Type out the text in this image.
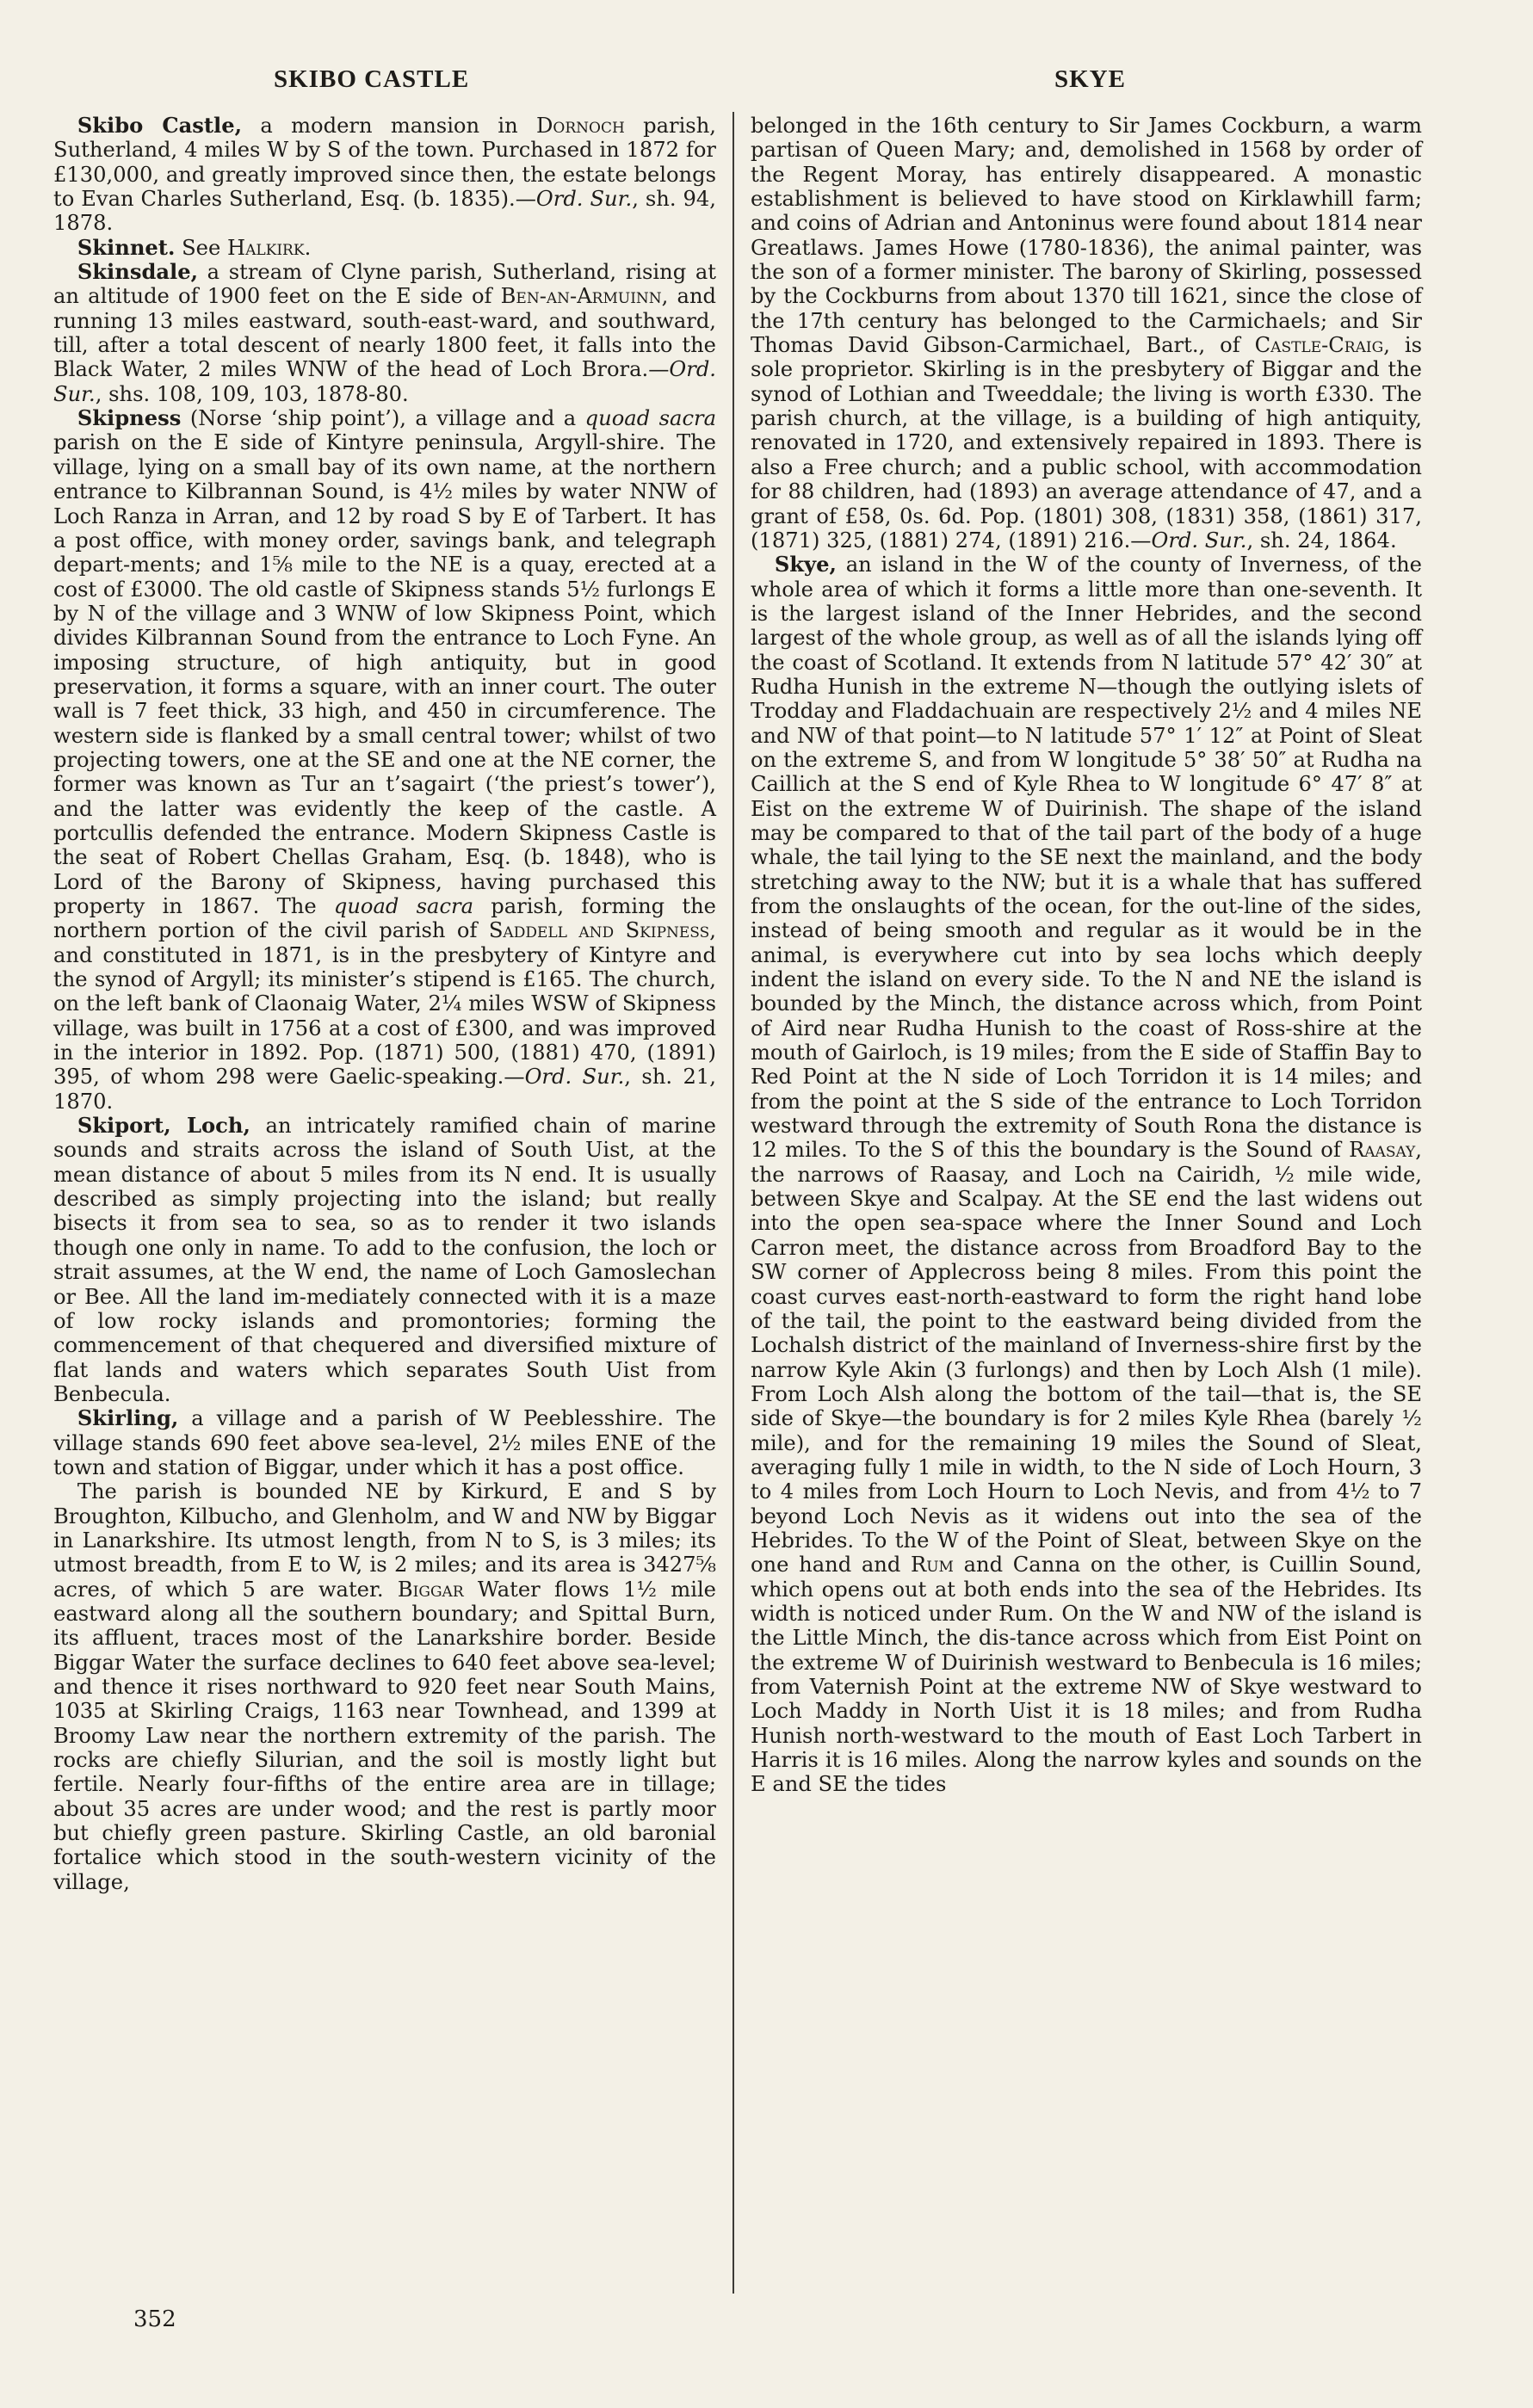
SKIBO CASTLE	SKYE

Skibo Castle, a modern mansion in Dornoch parish, Sutherland, 4 miles W by S of the town. Purchased in 1872 for £130,000, and greatly improved since then, the estate belongs to Evan Charles Sutherland, Esq. (b. 1835).—Ord. Sur., sh. 94, 1878.

Skinnet. See Halkirk.

Skinsdale, a stream of Clyne parish, Sutherland, rising at an altitude of 1900 feet on the E side of Ben-an-Armuinn, and running 13 miles eastward, south-east-ward, and southward, till, after a total descent of nearly 1800 feet, it falls into the Black Water, 2 miles WNW of the head of Loch Brora.—Ord. Sur., shs. 108, 109, 103, 1878-80.

Skipness (Norse ‘ship point’), a village and a quoad sacra parish on the E side of Kintyre peninsula, Argyll-shire. The village, lying on a small bay of its own name, at the northern entrance to Kilbrannan Sound, is 4½ miles by water NNW of Loch Ranza in Arran, and 12 by road S by E of Tarbert. It has a post office, with money order, savings bank, and telegraph depart-ments; and 1⅝ mile to the NE is a quay, erected at a cost of £3000. The old castle of Skipness stands 5½ furlongs E by N of the village and 3 WNW of low Skipness Point, which divides Kilbrannan Sound from the entrance to Loch Fyne. An imposing structure, of high antiquity, but in good preservation, it forms a square, with an inner court. The outer wall is 7 feet thick, 33 high, and 450 in circumference. The western side is flanked by a small central tower; whilst of two projecting towers, one at the SE and one at the NE corner, the former was known as Tur an t’sagairt (‘the priest’s tower’), and the latter was evidently the keep of the castle. A portcullis defended the entrance. Modern Skipness Castle is the seat of Robert Chellas Graham, Esq. (b. 1848), who is Lord of the Barony of Skipness, having purchased this property in 1867. The quoad sacra parish, forming the northern portion of the civil parish of Saddell and Skipness, and constituted in 1871, is in the presbytery of Kintyre and the synod of Argyll; its minister’s stipend is £165. The church, on the left bank of Claonaig Water, 2¼ miles WSW of Skipness village, was built in 1756 at a cost of £300, and was improved in the interior in 1892. Pop. (1871) 500, (1881) 470, (1891) 395, of whom 298 were Gaelic-speaking.—Ord. Sur., sh. 21, 1870.

Skiport, Loch, an intricately ramified chain of marine sounds and straits across the island of South Uist, at the mean distance of about 5 miles from its N end. It is usually described as simply projecting into the island; but really bisects it from sea to sea, so as to render it two islands though one only in name. To add to the confusion, the loch or strait assumes, at the W end, the name of Loch Gamoslechan or Bee. All the land im-mediately connected with it is a maze of low rocky islands and promontories; forming the commencement of that chequered and diversified mixture of flat lands and waters which separates South Uist from Benbecula.

Skirling, a village and a parish of W Peeblesshire. The village stands 690 feet above sea-level, 2½ miles ENE of the town and station of Biggar, under which it has a post office.

The parish is bounded NE by Kirkurd, E and S by Broughton, Kilbucho, and Glenholm, and W and NW by Biggar in Lanarkshire. Its utmost length, from N to S, is 3 miles; its utmost breadth, from E to W, is 2 miles; and its area is 3427⅝ acres, of which 5 are water. Biggar Water flows 1½ mile eastward along all the southern boundary; and Spittal Burn, its affluent, traces most of the Lanarkshire border. Beside Biggar Water the surface declines to 640 feet above sea-level; and thence it rises northward to 920 feet near South Mains, 1035 at Skirling Craigs, 1163 near Townhead, and 1399 at Broomy Law near the northern extremity of the parish. The rocks are chiefly Silurian, and the soil is mostly light but fertile. Nearly four-fifths of the entire area are in tillage; about 35 acres are under wood; and the rest is partly moor but chiefly green pasture. Skirling Castle, an old baronial fortalice which stood in the south-western vicinity of the village,

belonged in the 16th century to Sir James Cockburn, a warm partisan of Queen Mary; and, demolished in 1568 by order of the Regent Moray, has entirely disappeared. A monastic establishment is believed to have stood on Kirklawhill farm; and coins of Adrian and Antoninus were found about 1814 near Greatlaws. James Howe (1780-1836), the animal painter, was the son of a former minister. The barony of Skirling, possessed by the Cockburns from about 1370 till 1621, since the close of the 17th century has belonged to the Carmichaels; and Sir Thomas David Gibson-Carmichael, Bart., of Castle-Craig, is sole proprietor. Skirling is in the presbytery of Biggar and the synod of Lothian and Tweeddale; the living is worth £330. The parish church, at the village, is a building of high antiquity, renovated in 1720, and extensively repaired in 1893. There is also a Free church; and a public school, with accommodation for 88 children, had (1893) an average attendance of 47, and a grant of £58, 0s. 6d. Pop. (1801) 308, (1831) 358, (1861) 317, (1871) 325, (1881) 274, (1891) 216.—Ord. Sur., sh. 24, 1864.

Skye, an island in the W of the county of Inverness, of the whole area of which it forms a little more than one-seventh. It is the largest island of the Inner Hebrides, and the second largest of the whole group, as well as of all the islands lying off the coast of Scotland. It extends from N latitude 57° 42′ 30″ at Rudha Hunish in the extreme N—though the outlying islets of Trodday and Fladdachuain are respectively 2½ and 4 miles NE and NW of that point—to N latitude 57° 1′ 12″ at Point of Sleat on the extreme S, and from W longitude 5° 38′ 50″ at Rudha na Caillich at the S end of Kyle Rhea to W longitude 6° 47′ 8″ at Eist on the extreme W of Duirinish. The shape of the island may be compared to that of the tail part of the body of a huge whale, the tail lying to the SE next the mainland, and the body stretching away to the NW; but it is a whale that has suffered from the onslaughts of the ocean, for the out-line of the sides, instead of being smooth and regular as it would be in the animal, is everywhere cut into by sea lochs which deeply indent the island on every side. To the N and NE the island is bounded by the Minch, the distance across which, from Point of Aird near Rudha Hunish to the coast of Ross-shire at the mouth of Gairloch, is 19 miles; from the E side of Staffin Bay to Red Point at the N side of Loch Torridon it is 14 miles; and from the point at the S side of the entrance to Loch Torridon westward through the extremity of South Rona the distance is 12 miles. To the S of this the boundary is the Sound of Raasay, the narrows of Raasay, and Loch na Cairidh, ½ mile wide, between Skye and Scalpay. At the SE end the last widens out into the open sea-space where the Inner Sound and Loch Carron meet, the distance across from Broadford Bay to the SW corner of Applecross being 8 miles. From this point the coast curves east-north-eastward to form the right hand lobe of the tail, the point to the eastward being divided from the Lochalsh district of the mainland of Inverness-shire first by the narrow Kyle Akin (3 furlongs) and then by Loch Alsh (1 mile). From Loch Alsh along the bottom of the tail—that is, the SE side of Skye—the boundary is for 2 miles Kyle Rhea (barely ½ mile), and for the remaining 19 miles the Sound of Sleat, averaging fully 1 mile in width, to the N side of Loch Hourn, 3 to 4 miles from Loch Hourn to Loch Nevis, and from 4½ to 7 beyond Loch Nevis as it widens out into the sea of the Hebrides. To the W of the Point of Sleat, between Skye on the one hand and Rum and Canna on the other, is Cuillin Sound, which opens out at both ends into the sea of the Hebrides. Its width is noticed under Rum. On the W and NW of the island is the Little Minch, the dis-tance across which from Eist Point on the extreme W of Duirinish westward to Benbecula is 16 miles; from Vaternish Point at the extreme NW of Skye westward to Loch Maddy in North Uist it is 18 miles; and from Rudha Hunish north-westward to the mouth of East Loch Tarbert in Harris it is 16 miles. Along the narrow kyles and sounds on the E and SE the tides

352
